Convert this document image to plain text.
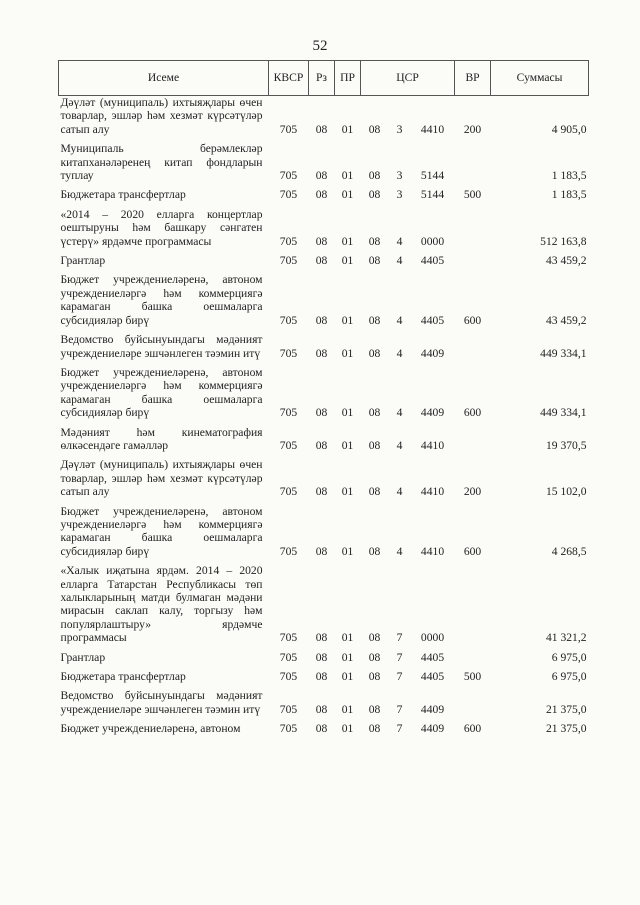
52
Исеме	КВСР	Рз	ПР	ЦСР			ВР	Суммасы
Дәүләт (муниципаль) ихтыяҗлары өчен товарлар, эшләр һәм хезмәт күрсәтүләр сатып алу	705	08	01	08	3	4410	200	4 905,0
Муниципаль берәмлекләр китапханәләренең китап фондларын туплау	705	08	01	08	3	5144		1 183,5
Бюджетара трансфертлар	705	08	01	08	3	5144	500	1 183,5
«2014 – 2020 елларга концертлар оештыруны һәм башкару сәнгатен үстерү» ярдәмче программасы	705	08	01	08	4	0000		512 163,8
Грантлар	705	08	01	08	4	4405		43 459,2
Бюджет учреждениеләренә, автоном учреждениеләргә һәм коммерциягә карамаган башка оешмаларга субсидияләр бирү	705	08	01	08	4	4405	600	43 459,2
Ведомство буйсынуындагы мәдәният учреждениеләре эшчәнлеген тәэмин итү	705	08	01	08	4	4409		449 334,1
Бюджет учреждениеләренә, автоном учреждениеләргә һәм коммерциягә карамаган башка оешмаларга субсидияләр бирү	705	08	01	08	4	4409	600	449 334,1
Мәдәният һәм кинематография өлкәсендәге гамәлләр	705	08	01	08	4	4410		19 370,5
Дәүләт (муниципаль) ихтыяҗлары өчен товарлар, эшләр һәм хезмәт күрсәтүләр сатып алу	705	08	01	08	4	4410	200	15 102,0
Бюджет учреждениеләренә, автоном учреждениеләргә һәм коммерциягә карамаган башка оешмаларга субсидияләр бирү	705	08	01	08	4	4410	600	4 268,5
«Халык иҗатына ярдәм. 2014 – 2020 елларга Татарстан Республикасы төп халыкларының матди булмаган мәдәни мирасын саклап калу, торгызу һәм популярлаштыру» ярдәмче программасы	705	08	01	08	7	0000		41 321,2
Грантлар	705	08	01	08	7	4405		6 975,0
Бюджетара трансфертлар	705	08	01	08	7	4405	500	6 975,0
Ведомство буйсынуындагы мәдәният учреждениеләре эшчәнлеген тәэмин итү	705	08	01	08	7	4409		21 375,0
Бюджет учреждениеләренә, автоном	705	08	01	08	7	4409	600	21 375,0
